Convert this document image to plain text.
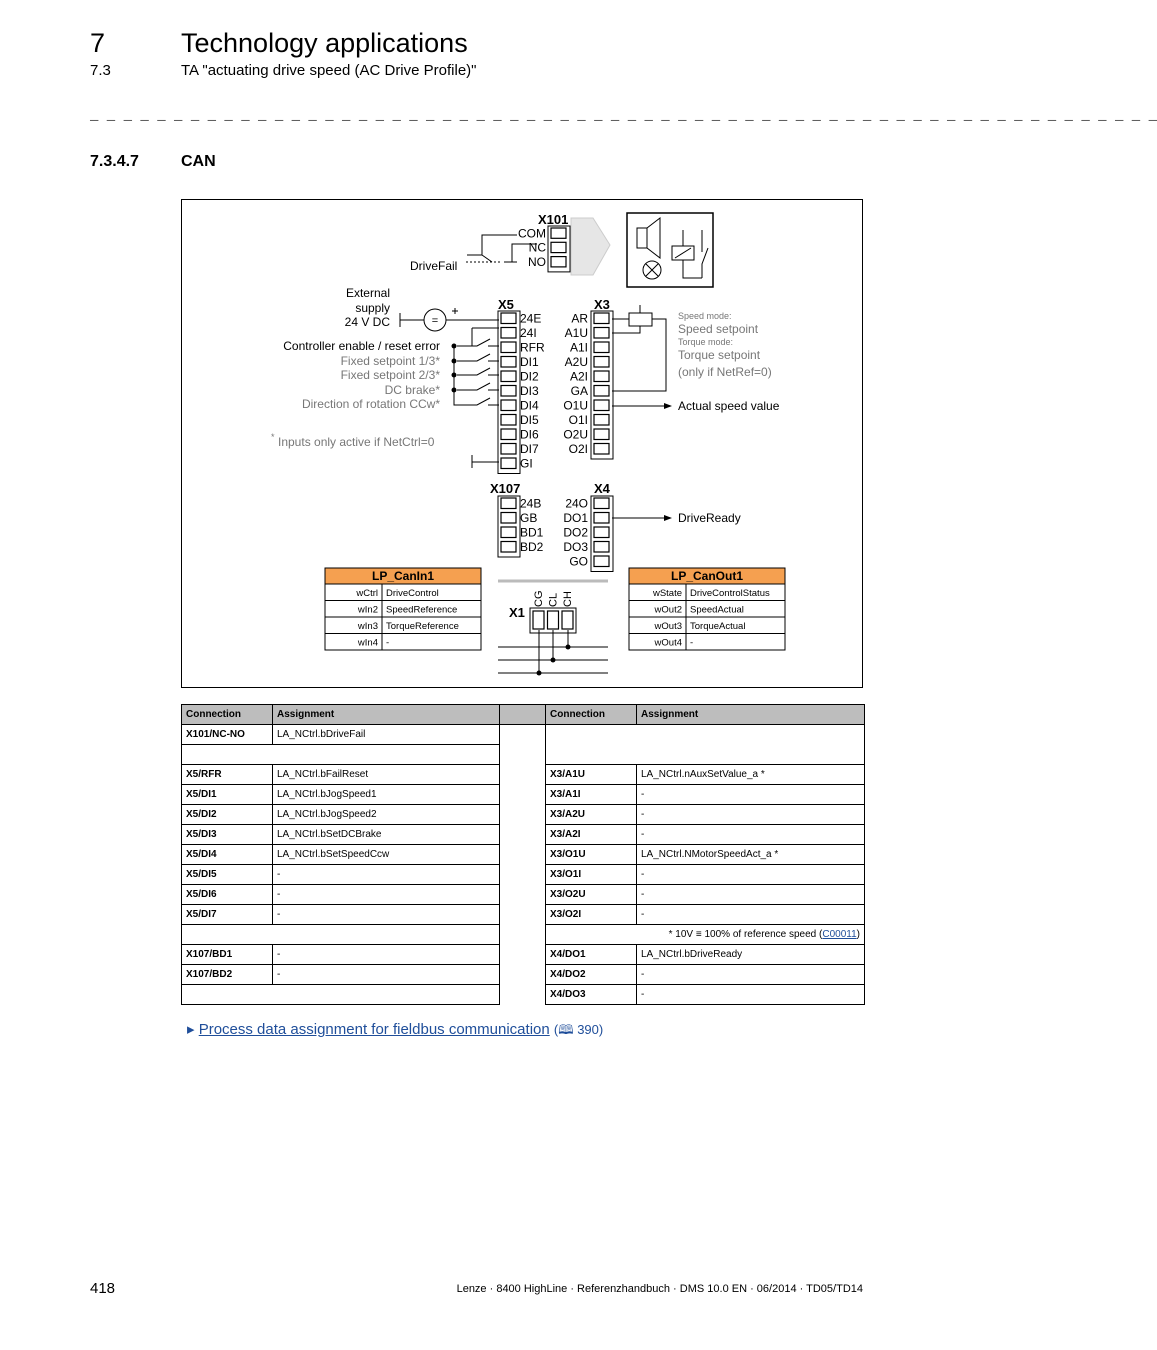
7	Technology applications
7.3	TA "actuating drive speed (AC Drive Profile)"
_ _ _ _ _ _ _ _ _ _ _ _ _ _ _ _ _ _ _ _ _ _ _ _ _ _ _ _ _ _ _ _ _ _ _ _ _ _ _ _ _ _ _ _ _ _ _ _ _ _ _ _ _ _ _ _ _ _ _ _ _ _ _ _
7.3.4.7	CAN
X101
DriveFail
External
supply
24 V DC	=
X5	X3
Controller enable / reset error
Fixed setpoint 1/3*
Fixed setpoint 2/3*
DC brake*
Direction of rotation CCw*
* Inputs only active if NetCtrl=0
Speed mode:
Speed setpoint
Torque mode:
Torque setpoint
(only if NetRef=0)
Actual speed value
DriveReady
X107	X4
X1
COM
NC
NO
24E
24I
RFR
DI1
DI2
DI3
DI4
DI5
DI6
DI7
GI
AR
A1U
A1I
A2U
A2I
GA
O1U
O1I
O2U
O2I
24B
GB
BD1
BD2
24O
DO1
DO2
DO3
GO
CG CL CH
LP_CanIn1
wCtrl DriveControl
wIn2 SpeedReference
wIn3 TorqueReference
wIn4 -
LP_CanOut1
wState DriveControlStatus
wOut2 SpeedActual
wOut3 TorqueActual
wOut4 -
Connection	Assignment		Connection	Assignment
X101/NC-NO	LA_NCtrl.bDriveFail			

X5/RFR	LA_NCtrl.bFailReset		X3/A1U	LA_NCtrl.nAuxSetValue_a *
X5/DI1	LA_NCtrl.bJogSpeed1		X3/A1I	-
X5/DI2	LA_NCtrl.bJogSpeed2		X3/A2U	-
X5/DI3	LA_NCtrl.bSetDCBrake		X3/A2I	-
X5/DI4	LA_NCtrl.bSetSpeedCcw		X3/O1U	LA_NCtrl.NMotorSpeedAct_a *
X5/DI5	-		X3/O1I	-
X5/DI6	-		X3/O2U	-
X5/DI7	-		X3/O2I	-
			* 10V ≡ 100% of reference speed (C00011)	
X107/BD1	-		X4/DO1	LA_NCtrl.bDriveReady
X107/BD2	-		X4/DO2	-
			X4/DO3	-
▸ Process data assignment for fieldbus communication (🕮 390)
418	Lenze · 8400 HighLine · Referenzhandbuch · DMS 10.0 EN · 06/2014 · TD05/TD14
